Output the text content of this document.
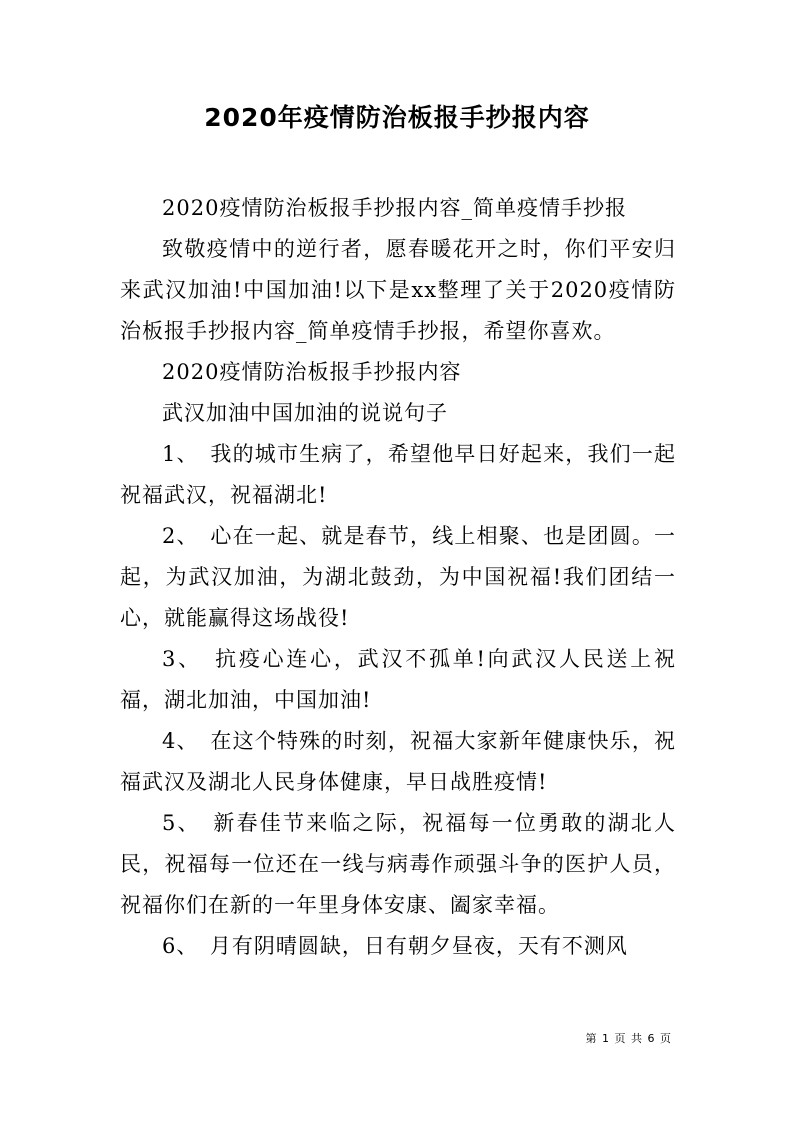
2020年疫情防治板报手抄报内容

2020疫情防治板报手抄报内容_简单疫情手抄报

致敬疫情中的逆行者，愿春暖花开之时，你们平安归来武汉加油!中国加油!以下是xx整理了关于2020疫情防治板报手抄报内容_简单疫情手抄报，希望你喜欢。

2020疫情防治板报手抄报内容

武汉加油中国加油的说说句子

1、　我的城市生病了，希望他早日好起来，我们一起祝福武汉，祝福湖北!

2、　心在一起、就是春节，线上相聚、也是团圆。一起，为武汉加油，为湖北鼓劲，为中国祝福!我们团结一心，就能赢得这场战役!

3、　抗疫心连心，武汉不孤单!向武汉人民送上祝福，湖北加油，中国加油!

4、　在这个特殊的时刻，祝福大家新年健康快乐，祝福武汉及湖北人民身体健康，早日战胜疫情!

5、　新春佳节来临之际，祝福每一位勇敢的湖北人民，祝福每一位还在一线与病毒作顽强斗争的医护人员，祝福你们在新的一年里身体安康、阖家幸福。

6、　月有阴晴圆缺，日有朝夕昼夜，天有不测风

第 1 页 共 6 页
